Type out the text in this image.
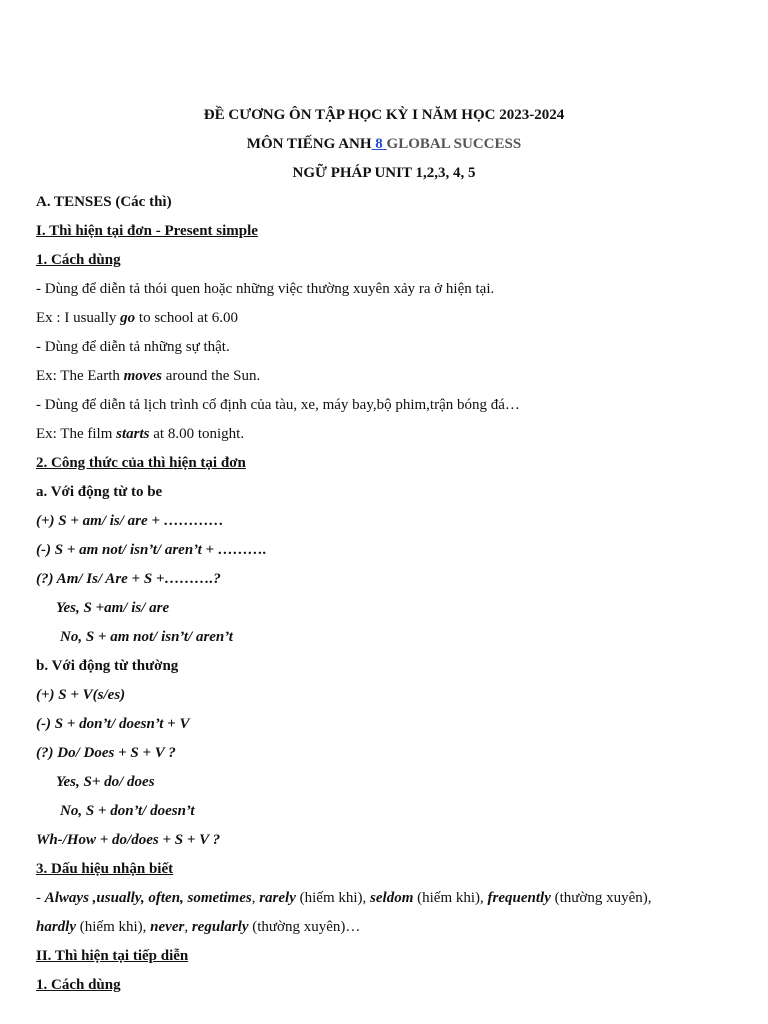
ĐỀ CƯƠNG ÔN TẬP HỌC KỲ I NĂM HỌC 2023-2024
MÔN TIẾNG ANH 8 GLOBAL SUCCESS
NGỮ PHÁP UNIT 1,2,3, 4, 5
A. TENSES (Các thì)
I. Thì hiện tại đơn - Present simple
1. Cách dùng
- Dùng để diễn tả thói quen hoặc những việc thường xuyên xảy ra ở hiện tại.
Ex : I usually go to school at 6.00
- Dùng để diễn tả những sự thật.
Ex: The Earth moves around the Sun.
- Dùng để diễn tả lịch trình cố định của tàu, xe, máy bay,bộ phim,trận bóng đá…
Ex: The film starts at 8.00 tonight.
2. Công thức của thì hiện tại đơn
a. Với động từ to be
(+) S + am/ is/ are + …………
(-) S + am not/ isn’t/ aren’t + ……….
(?) Am/ Is/ Are + S +……….?
Yes, S +am/ is/ are
No, S + am not/ isn’t/ aren’t
b. Với động từ thường
(+) S + V(s/es)
(-) S + don’t/ doesn’t + V
(?) Do/ Does + S + V ?
Yes, S+ do/ does
No, S + don’t/ doesn’t
Wh-/How + do/does + S + V ?
3. Dấu hiệu nhận biết
- Always ,usually, often, sometimes, rarely (hiếm khi), seldom (hiếm khi), frequently (thường xuyên),
hardly (hiếm khi), never, regularly (thường xuyên)…
II. Thì hiện tại tiếp diễn
1. Cách dùng
